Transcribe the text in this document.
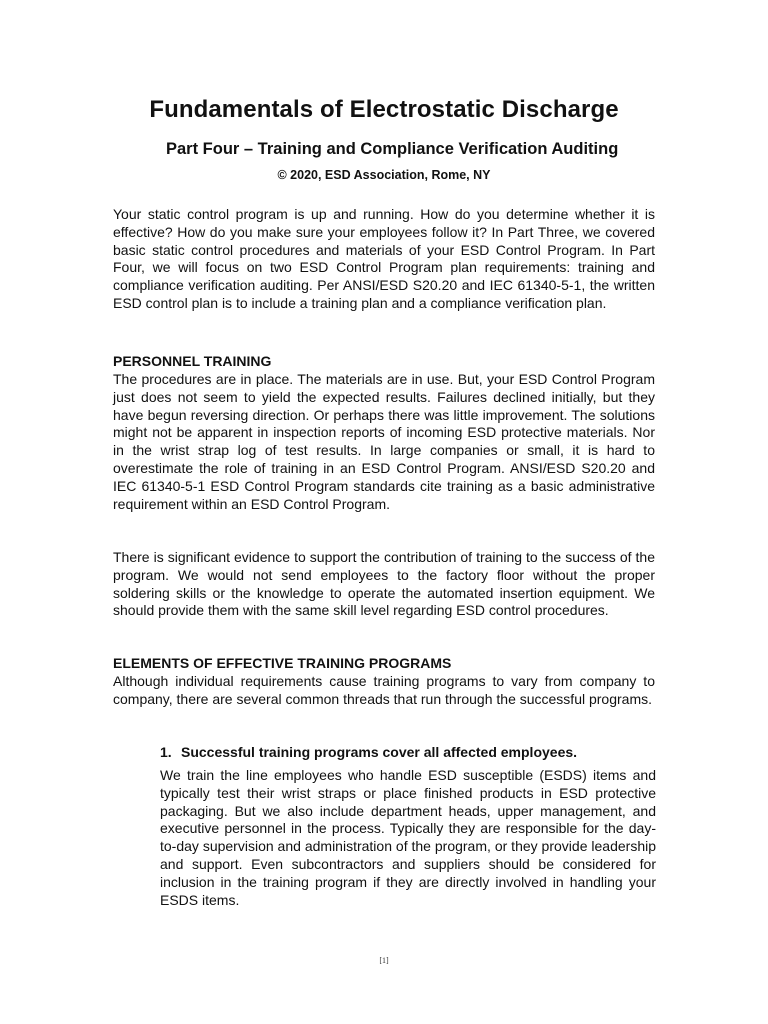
Fundamentals of Electrostatic Discharge
Part Four – Training and Compliance Verification Auditing
© 2020, ESD Association, Rome, NY
Your static control program is up and running. How do you determine whether it is effective? How do you make sure your employees follow it? In Part Three, we covered basic static control procedures and materials of your ESD Control Program. In Part Four, we will focus on two ESD Control Program plan requirements: training and compliance verification auditing. Per ANSI/ESD S20.20 and IEC 61340-5-1, the written ESD control plan is to include a training plan and a compliance verification plan.
PERSONNEL TRAINING
The procedures are in place. The materials are in use. But, your ESD Control Program just does not seem to yield the expected results. Failures declined initially, but they have begun reversing direction. Or perhaps there was little improvement. The solutions might not be apparent in inspection reports of incoming ESD protective materials. Nor in the wrist strap log of test results. In large companies or small, it is hard to overestimate the role of training in an ESD Control Program. ANSI/ESD S20.20 and IEC 61340-5-1 ESD Control Program standards cite training as a basic administrative requirement within an ESD Control Program.
There is significant evidence to support the contribution of training to the success of the program. We would not send employees to the factory floor without the proper soldering skills or the knowledge to operate the automated insertion equipment. We should provide them with the same skill level regarding ESD control procedures.
ELEMENTS OF EFFECTIVE TRAINING PROGRAMS
Although individual requirements cause training programs to vary from company to company, there are several common threads that run through the successful programs.
1. Successful training programs cover all affected employees.
We train the line employees who handle ESD susceptible (ESDS) items and typically test their wrist straps or place finished products in ESD protective packaging. But we also include department heads, upper management, and executive personnel in the process. Typically they are responsible for the day-to-day supervision and administration of the program, or they provide leadership and support. Even subcontractors and suppliers should be considered for inclusion in the training program if they are directly involved in handling your ESDS items.
[1]
